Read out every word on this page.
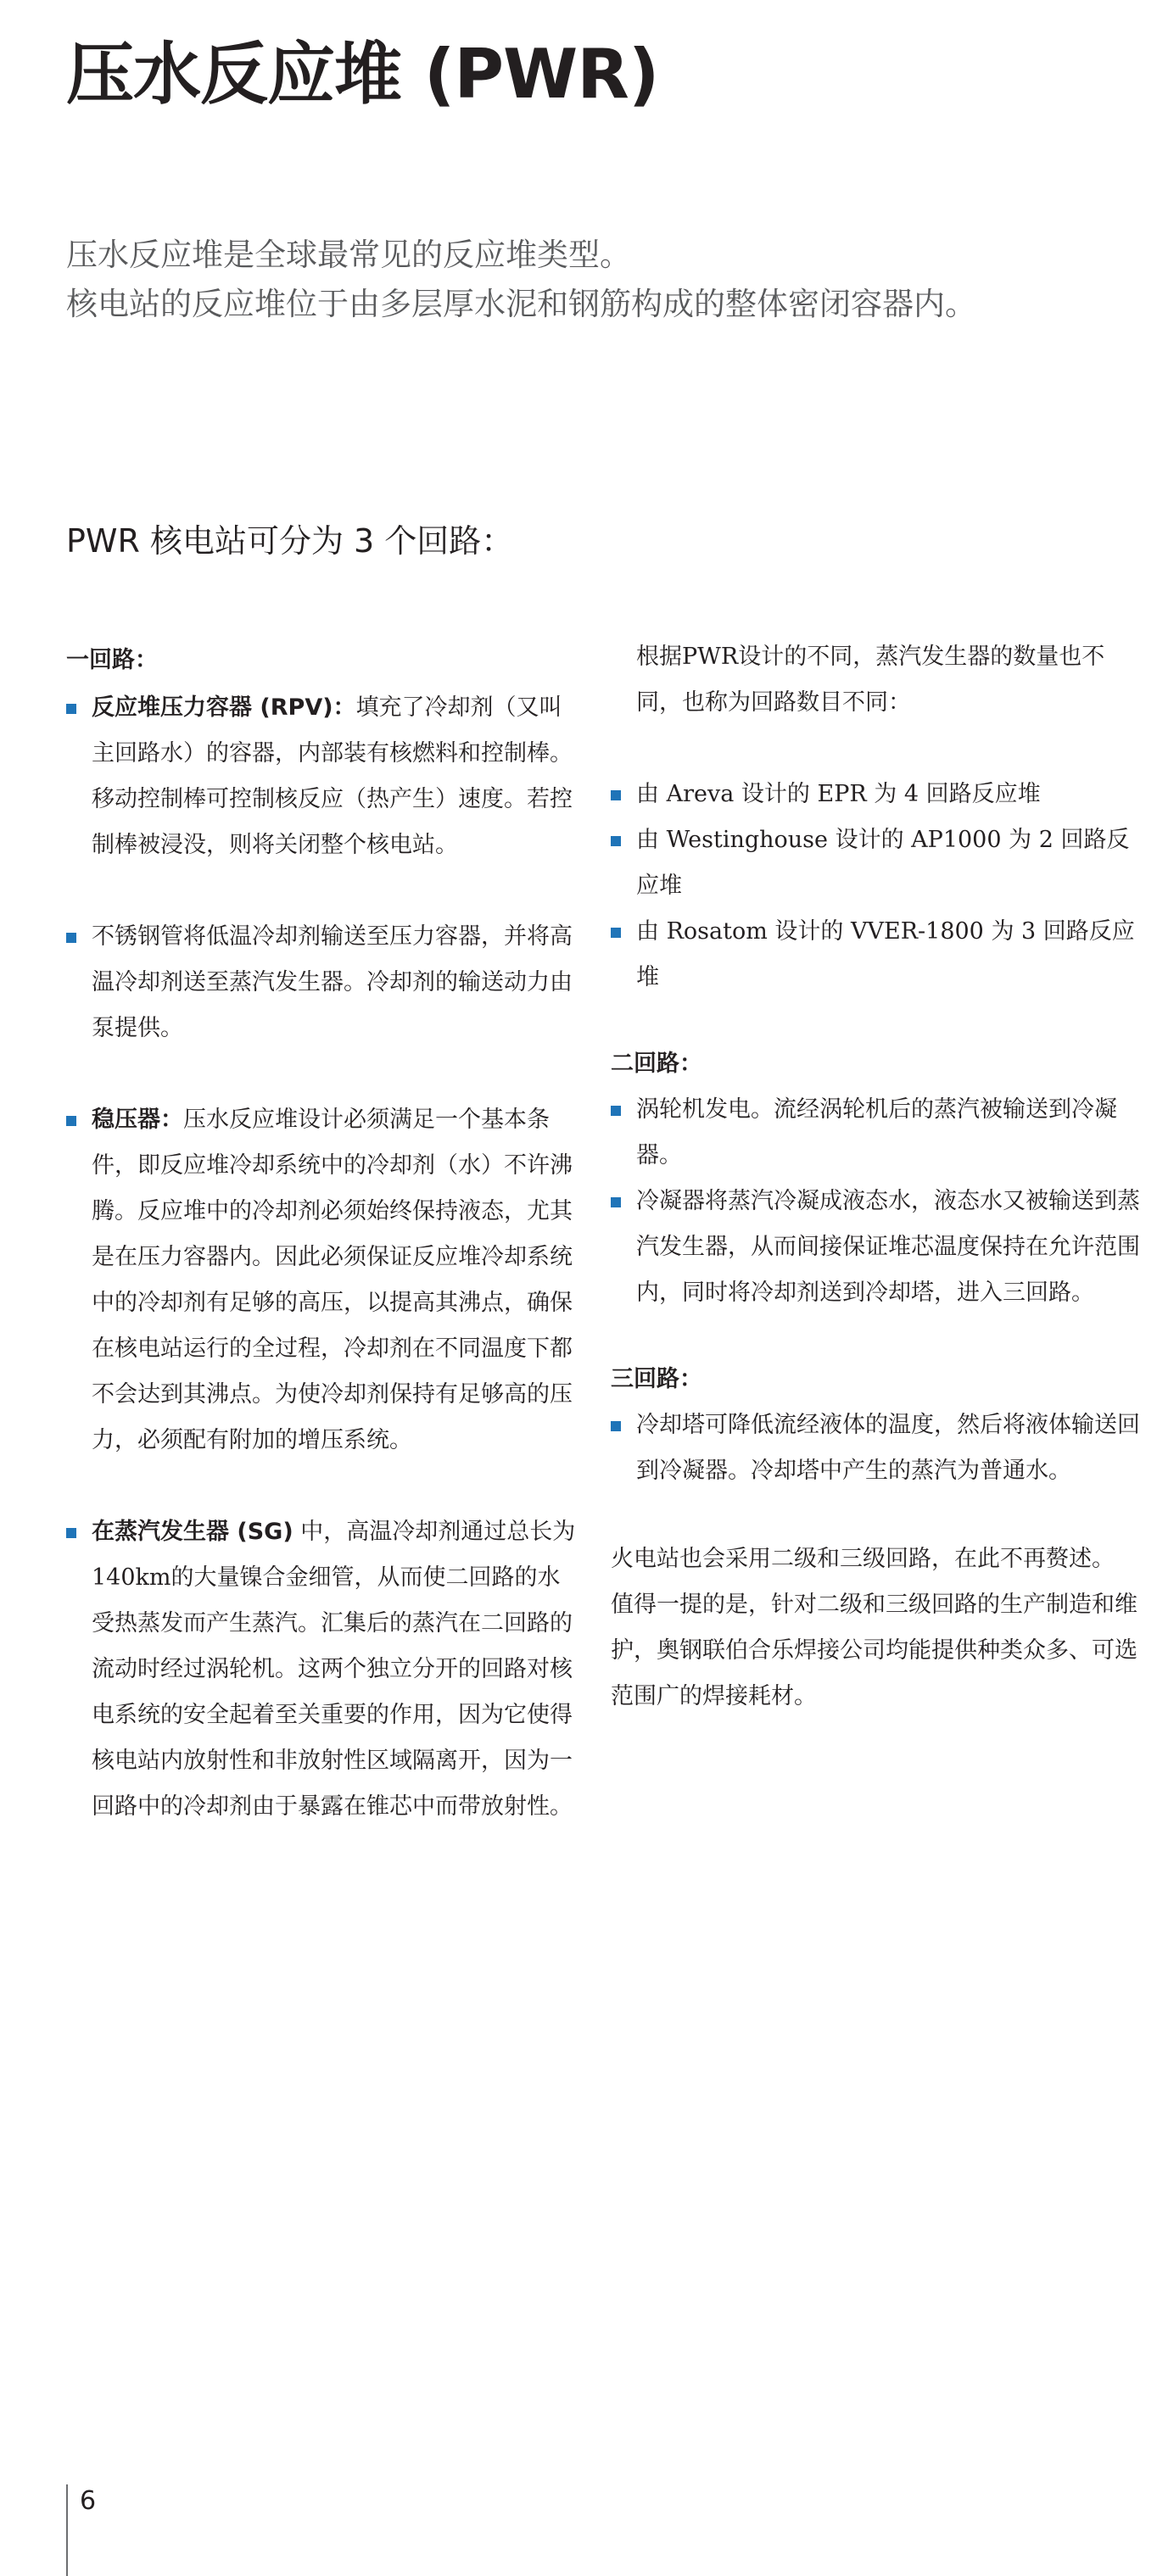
压水反应堆 (PWR)

压水反应堆是全球最常见的反应堆类型。

核电站的反应堆位于由多层厚水泥和钢筋构成的整体密闭容器内。

PWR 核电站可分为 3 个回路：
一回路：

反应堆压力容器 (RPV)：填充了冷却剂（又叫主回路水）的容器，内部装有核燃料和控制棒。移动控制棒可控制核反应（热产生）速度。若控制棒被浸没，则将关闭整个核电站。

不锈钢管将低温冷却剂输送至压力容器，并将高温冷却剂送至蒸汽发生器。冷却剂的输送动力由泵提供。

稳压器：压水反应堆设计必须满足一个基本条件，即反应堆冷却系统中的冷却剂（水）不许沸腾。反应堆中的冷却剂必须始终保持液态，尤其是在压力容器内。因此必须保证反应堆冷却系统中的冷却剂有足够的高压，以提高其沸点，确保在核电站运行的全过程，冷却剂在不同温度下都不会达到其沸点。为使冷却剂保持有足够高的压力，必须配有附加的增压系统。

在蒸汽发生器 (SG) 中，高温冷却剂通过总长为 140km的大量镍合金细管，从而使二回路的水受热蒸发而产生蒸汽。汇集后的蒸汽在二回路的流动时经过涡轮机。这两个独立分开的回路对核电系统的安全起着至关重要的作用，因为它使得核电站内放射性和非放射性区域隔离开，因为一回路中的冷却剂由于暴露在锥芯中而带放射性。

根据PWR设计的不同，蒸汽发生器的数量也不同，也称为回路数目不同：

由 Areva 设计的 EPR 为 4 回路反应堆

由 Westinghouse 设计的 AP1000 为 2 回路反应堆

由 Rosatom 设计的 VVER-1800 为 3 回路反应堆

二回路：

涡轮机发电。流经涡轮机后的蒸汽被输送到冷凝器。

冷凝器将蒸汽冷凝成液态水，液态水又被输送到蒸汽发生器，从而间接保证堆芯温度保持在允许范围内，同时将冷却剂送到冷却塔，进入三回路。

三回路：

冷却塔可降低流经液体的温度，然后将液体输送回到冷凝器。冷却塔中产生的蒸汽为普通水。

火电站也会采用二级和三级回路，在此不再赘述。

值得一提的是，针对二级和三级回路的生产制造和维护，奥钢联伯合乐焊接公司均能提供种类众多、可选范围广的焊接耗材。

6
